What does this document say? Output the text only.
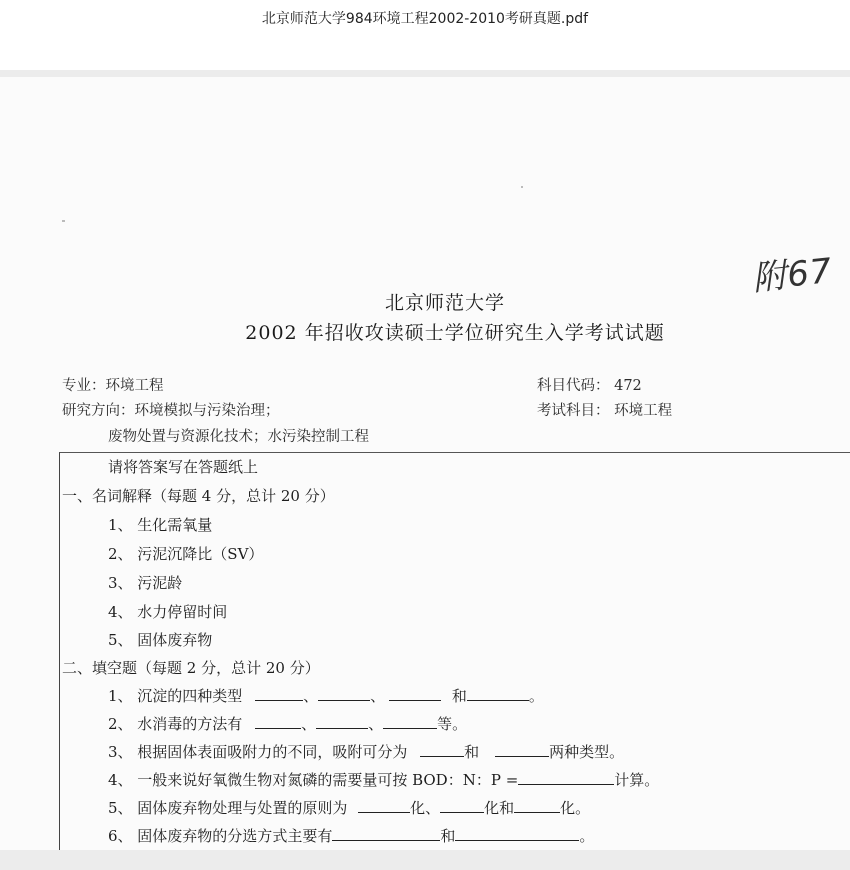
北京师范大学984环境工程2002-2010考研真题.pdf
附67
北京师范大学
2002 年招收攻读硕士学位研究生入学考试试题
专业：环境工程
研究方向：环境模拟与污染治理；
废物处置与资源化技术；水污染控制工程
科目代码： 472
考试科目： 环境工程
请将答案写在答题纸上
一、名词解释（每题 4 分，总计 20 分）
1、 生化需氧量
2、 污泥沉降比（SV）
3、 污泥龄
4、 水力停留时间
5、 固体废弃物
二、填空题（每题 2 分，总计 20 分）
1、 沉淀的四种类型	、	、	和	。
2、 水消毒的方法有	、	、	等。
3、 根据固体表面吸附力的不同，吸附可分为	和	两种类型。
4、 一般来说好氧微生物对氮磷的需要量可按 BOD：N：P =	计算。
5、 固体废弃物处理与处置的原则为	化、	化和	化。
6、 固体废弃物的分选方式主要有	和	。
